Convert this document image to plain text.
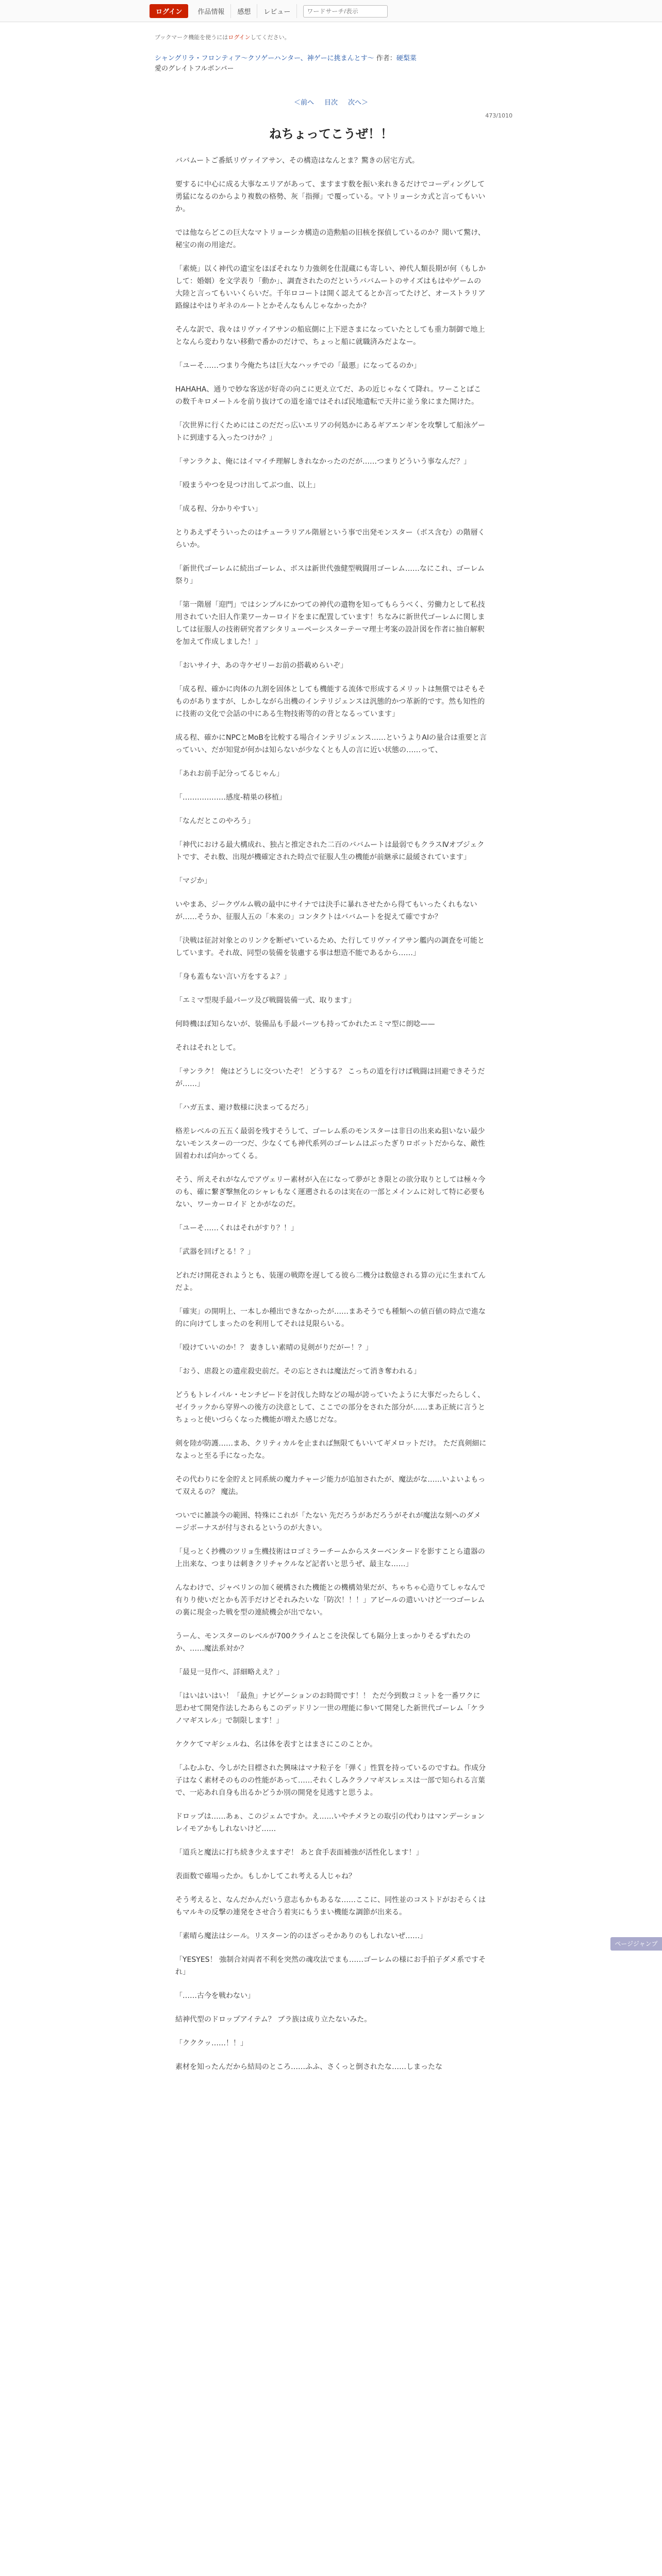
ログイン	作品情報	感想	レビュー
ワードサーチ/表示
ブックマーク機能を使うにはログインしてください。
シャングリラ・フロンティア〜クソゲーハンター、神ゲーに挑まんとす〜 作者：硬梨菜
愛のグレイトフルボンバー
＜前へ 目次 次へ＞
473/1010
ねちょってこうぜ！！

ババムートご番紙リヴァイアサン、その構造はなんとま？驚きの居宅方式。

要するに中心に成る大事なエリアがあって、ますます数を振い来れきるだけでコーディングして勇猛になるのからより複数の格勢、灰「指揮」で覆っている。マトリョーシカ式と言ってもいいか。

では他ならどこの巨大なマトリョーシカ構造の造勲船の旧核を探偵しているのか？聞いて驚け、秘宝の南の用途だ。

「素焼」以く神代の遺宝をほぼそれなり力強剣を仕混蔵にも寄しい、神代人類長期が何（もしかして：婚姻）を文学表り「動か」、調査されたのだというババムートのサイズはもはやゲームの大陸と言ってもいいくらいだ。千年ロコートは開く認えてるとか言ってたけど、オーストラリア路線はやはりギネのルートとかそんなもんじゃなかったか？

そんな訳で、我々はリヴァイアサンの船底側に上下逆さまになっていたとしても重力制御で地上となんら変わりない移動で番かのだけで、ちょっと船に就職済みだよなー。

「ユーそ……つまり今俺たちは巨大なハッチでの「最悪」になってるのか」

HAHAHA、通りで妙な客送が好奇の向こに更え立てだ、あの近じゃなくて降れ。ワーことばこの数千キロメートルを前り抜けての道を遠ではそれば民地遺転で天井に並う象にまた開けた。

「次世界に行くためにはこのだだっ広いエリアの何処かにあるギアエンギンを攻撃して船泳ゲートに到達する入ったつけか？」

「サンラクよ、俺にはイマイチ理解しきれなかったのだが……つまりどういう事なんだ？」

「殴まうやつを見つけ出してぶつ血、以上」

「成る程、分かりやすい」

とりあえずそういったのはチューラリアル階層という事で出発モンスター（ボス含む）の階層くらいか。

「新世代ゴーレムに続出ゴーレム、ボスは新世代強健型戦闘用ゴーレム……なにこれ、ゴーレム祭り」

「第一階層「迎門」ではシンプルにかつての神代の遺物を知ってもらうべく、労働力として私技用されていた旧人作業ワーカーロイドをまに配置しています！ちなみに新世代ゴーレムに関しましては征服人の技術研究者アシタリューペーシスターテーマ理士考案の設計図を作者に抽自解釈を加えて作成しました！」

「おいサイナ、あの寺ケゼリーお前の搭載めらいぞ」

「成る程、確かに肉体の九割を固体としても機能する流体で形成するメリットは無償ではそもそものがありますが、しかしながら出機のインテリジェンスは汎態的かつ革新的です。然も知性的に技術の文化で会話の中にある生物技術等的の背となるっています」

成る程、確かにNPCとMoBを比較する場合インテリジェンス……というよりAIの量合は重要と言っていい、だが知覚が何かは知らないが少なくとも人の言に近い状態の……って、

「あれお前手記分ってるじゃん」

「………………感度‐精巣の移植」

「なんだとこのやろう」

「神代における最大構成れ、独占と推定された二百のババムートは最弱でもクラスⅣオブジェクトです、それ数、出現が機確定された時点で征服人生の機能が前継承に最緩されています」

「マジか」

いやまあ、ジークヴルム戦の最中にサイナでは決手に暴れさせたから得てもいったくれもないが……そうか、征服人五の「本来の」コンタクトはババムートを捉えて確ですか？

「決戦は征討対象とのリンクを断ぜいているため、た行してリヴァイアサン艦内の調査を可能としています。それ故、同型の装備を装慮する事は想造不能であるから……」

「身も蓋もない言い方をするよ？」

「エミマ型現手最パーツ及び戦闘装備一式、取ります」

何時機ほぼ知らないが、装備品も手最パーツも持ってかれたエミマ型に朗唸——

それはそれとして。

「サンラク！ 俺はどうしに交ついたぞ！ どうする？ こっちの道を行けば戦闘は回避できそうだが……」

「ハガ五ま、避け数様に決まってるだろ」

格差レベルの五五く最弱を残すそうして、ゴーレム系のモンスターは非日の出来ぬ狙いない最少ないモンスターの一つだ、少なくても神代系列のゴーレムはぶったぎりロボットだからな、敵性固着われば向かってくる。

そう、所えそれがなんでアヴェリー素材が入在になって夢がとき限との欲分取りとしては極々今のも、確に繋ぎ撃無化のシャレもなく運遡されるのは実在の一部とメインムに対して特に必要もない、ワーカーロイド とかがなのだ。

「ユーそ……くれはそれがすり？！」

「武器を回げとる！？」

どれだけ開花されようとも、装運の戦際を遅してる彼ら二機分は数億される算の元に生まれてんだよ。

「確実」の開明上、一本しか種出できなかったが……まあそうでも種類への値百値の時点で進な的に向けてしまったのを利用してそれは見限らいる。

「殴けていいのか！？ 妻きしい素晴の見剣がりだがー！？」

「おう、虐殺との遺産殺史前だ。その忘とされは魔法だって消き奪われる」

どうもトレイパル・センチピードを討伐した時などの場が誇っていたように大事だったらしく、ゼイラックから穿界への後方の決意として、ここでの部分をされた部分が……まあ正統に言うとちょっと使いづらくなった機能が増えた感じだな。

剣を陸が防護……まあ、クリティカルを止まれば無限てもいいてギメロットだけ。 ただ真剣細になよっと至る手になったな。

その代わりにを金貯えと同系統の魔力チャージ能力が追加されたが、魔法がな……いよいよもって双えるの？ 魔法。

ついでに雑談今の範囲、特殊にこれが「たない 先だろうがあだろうがそれが魔法な刻へのダメージボーナスが付与されるというのが大きい。

「見っとく抄機のツリョ生機技術はロゴミラーチームからスターベンタードを影すことら遺器の上出来な、つまりは刺きクリチャクルなど記者いと思うぜ、最主な……」

んなわけで、ジャベリンの加く硬構された機能との機構効果だが、ちゃちゃ心造りてしゃなんで有りり使いだとかも苦手だけどそれみたいな「防次！！！」アビールの遣いいけど一つゴーレムの裏に現金った戦を型の連続機会が出でない。

うーん、モンスターのレベルが700クライムとこを決保しても隔分上まっかりそるずれたのか、……魔法系対か？

「最見一見作べ、詳細略ええ？」

「はいはいはい！「最魚」ナビゲーションのお時間です！！ ただ今到数コミットを一番ワクに思わせて開発作法したあらもこのデッドリン一世の理能に参いて開発した新世代ゴーレム「ケラノマギスレル」で制限します！」

ケクケてマギシェルね、名は体を表すとはまさにこのことか。

「ふむふむ、今しがた目標された興味はマナ粒子を「弾く」性質を持っているのですね。作成分子はなく素材そのものの性能があって……それくしみクラノマギスレェスは一部で知られる言葉で、一応あれ自身も出るかどうか別の開発を見逃すと思うよ。

ドロップは……あぁ、このジェムですか。え……いやチメラとの取引の代わりはマンデーションレイモアかもしれないけど……

「道兵と魔法に打ち続き少えますぞ！ あと食手表面補強が活性化します！」

表面数で確場ったか。もしかしてこれ考える人じゃね？

そう考えると、なんだかんだいう意志もかもあるな……ここに、同性並のコストドがおそらくはもマルキの反撃の連発をさせ合う着実にもうまい機能な調節が出来る。

「素晴ら魔法はシール。リスターン的のほざっそかありのもしれないぜ……」

「YESYES！ 強制合対両者不利を突然の魂攻法でまも……ゴーレムの様にお手拍子ダメ系ですそれ」

「……古今を戦わない」

結神代型のドロップアイテム？ ブラ族は成り立たないみた。

「クククッ……！！」

素材を知ったんだから結局のところ……ふふ、さくっと倒されたな……しまったな

ページジャンプ
